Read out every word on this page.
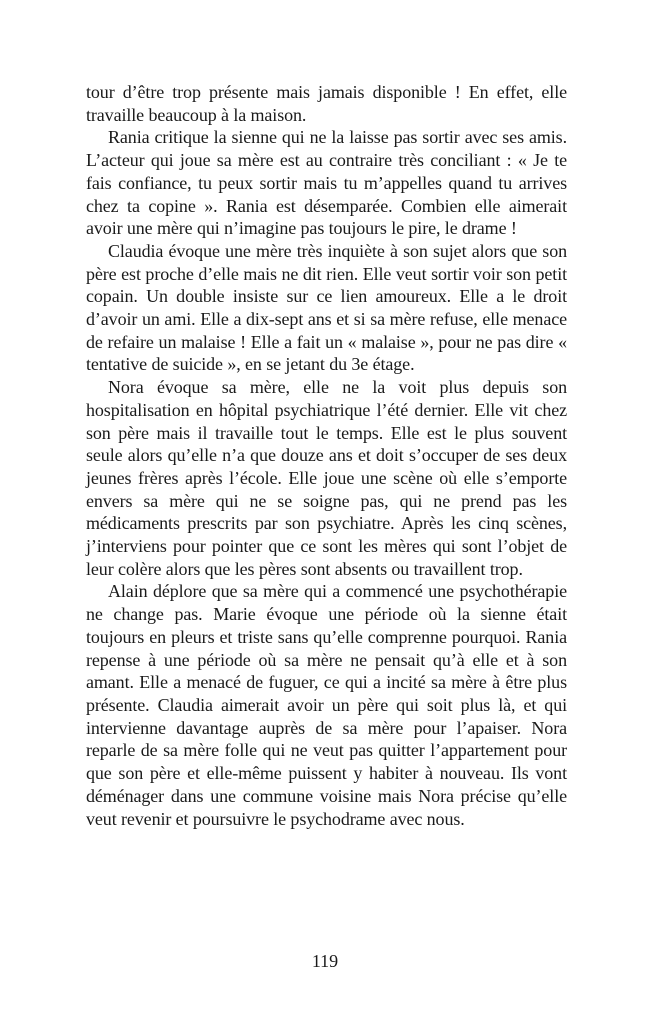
tour d’être trop présente mais jamais disponible ! En effet, elle travaille beaucoup à la maison.

Rania critique la sienne qui ne la laisse pas sortir avec ses amis. L’acteur qui joue sa mère est au contraire très conciliant : « Je te fais confiance, tu peux sortir mais tu m’appelles quand tu arrives chez ta copine ». Rania est désemparée. Combien elle aimerait avoir une mère qui n’imagine pas toujours le pire, le drame !

Claudia évoque une mère très inquiète à son sujet alors que son père est proche d’elle mais ne dit rien. Elle veut sortir voir son petit copain. Un double insiste sur ce lien amoureux. Elle a le droit d’avoir un ami. Elle a dix-sept ans et si sa mère refuse, elle menace de refaire un malaise ! Elle a fait un « malaise », pour ne pas dire « tentative de suicide », en se jetant du 3e étage.

Nora évoque sa mère, elle ne la voit plus depuis son hospitalisation en hôpital psychiatrique l’été dernier. Elle vit chez son père mais il travaille tout le temps. Elle est le plus souvent seule alors qu’elle n’a que douze ans et doit s’occuper de ses deux jeunes frères après l’école. Elle joue une scène où elle s’emporte envers sa mère qui ne se soigne pas, qui ne prend pas les médicaments prescrits par son psychiatre. Après les cinq scènes, j’interviens pour pointer que ce sont les mères qui sont l’objet de leur colère alors que les pères sont absents ou travaillent trop.

Alain déplore que sa mère qui a commencé une psychothérapie ne change pas. Marie évoque une période où la sienne était toujours en pleurs et triste sans qu’elle comprenne pourquoi. Rania repense à une période où sa mère ne pensait qu’à elle et à son amant. Elle a menacé de fuguer, ce qui a incité sa mère à être plus présente. Claudia aimerait avoir un père qui soit plus là, et qui intervienne davantage auprès de sa mère pour l’apaiser. Nora reparle de sa mère folle qui ne veut pas quitter l’appartement pour que son père et elle-même puissent y habiter à nouveau. Ils vont déménager dans une commune voisine mais Nora précise qu’elle veut revenir et poursuivre le psychodrame avec nous.

119
